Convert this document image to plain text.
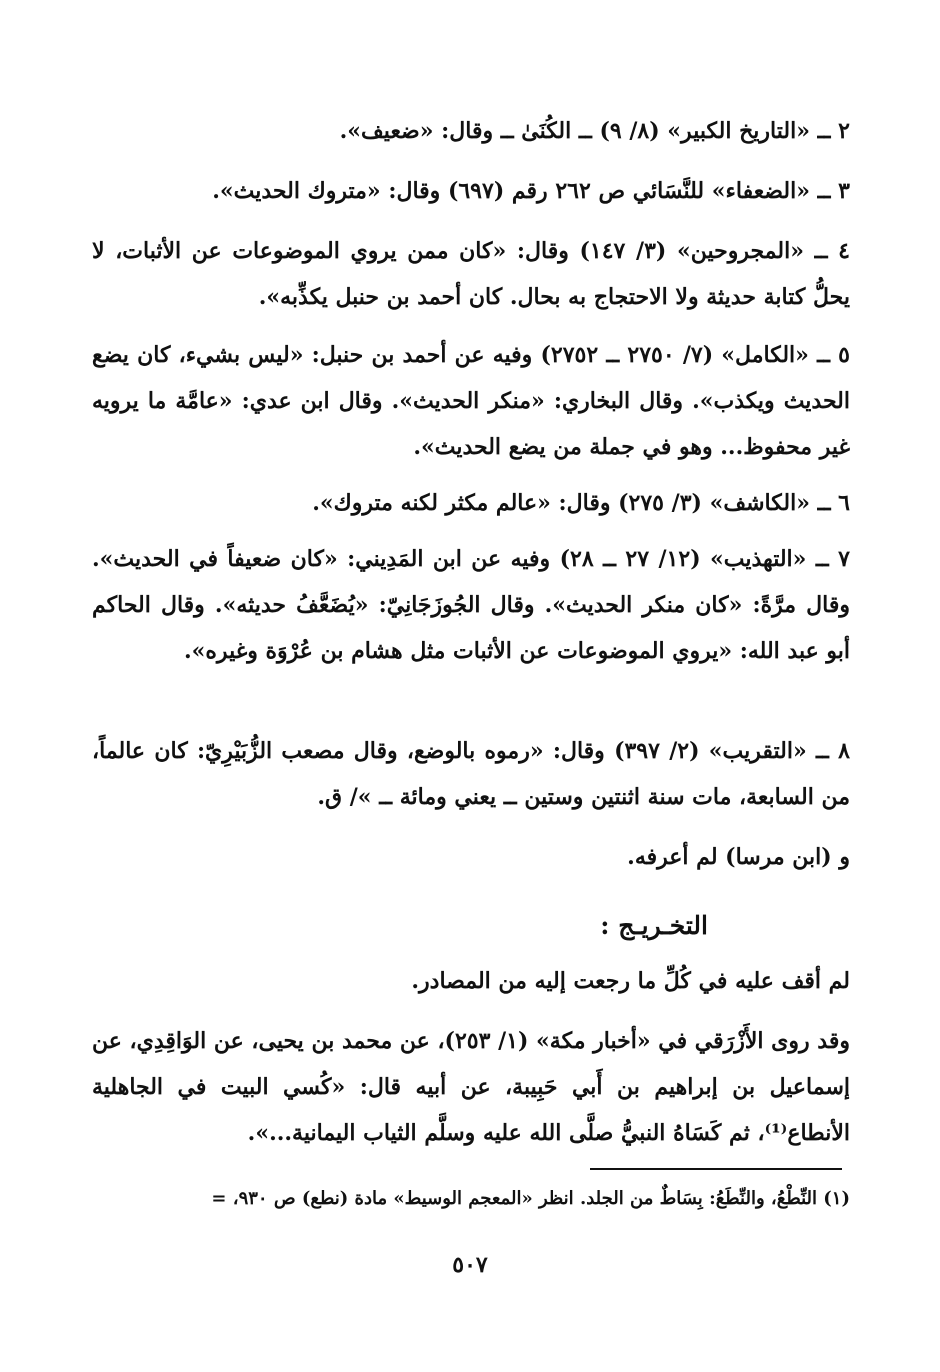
٢ ــ «التاريخ الكبير» (٨/ ٩) ــ الكُنَىٰ ــ وقال: «ضعيف».
٣ ــ «الضعفاء» للنَّسَائي ص ٢٦٢ رقم (٦٩٧) وقال: «متروك الحديث».
٤ ــ «المجروحين» (٣/ ١٤٧) وقال: «كان ممن يروي الموضوعات عن الأثبات، لا يحلُّ كتابة حديثة ولا الاحتجاج به بحال. كان أحمد بن حنبل يكذِّبه».
٥ ــ «الكامل» (٧/ ٢٧٥٠ ــ ٢٧٥٢) وفيه عن أحمد بن حنبل: «ليس بشيء، كان يضع الحديث ويكذب». وقال البخاري: «منكر الحديث». وقال ابن عدي: «عامَّة ما يرويه غير محفوظ... وهو في جملة من يضع الحديث».
٦ ــ «الكاشف» (٣/ ٢٧٥) وقال: «عالم مكثر لكنه متروك».
٧ ــ «التهذيب» (١٢/ ٢٧ ــ ٢٨) وفيه عن ابن المَدِيني: «كان ضعيفاً في الحديث». وقال مرَّةً: «كان منكر الحديث». وقال الجُوزَجَانِيّ: «يُضَعَّفُ حديثه». وقال الحاكم أبو عبد الله: «يروي الموضوعات عن الأثبات مثل هشام بن عُرْوَة وغيره».
٨ ــ «التقريب» (٢/ ٣٩٧) وقال: «رموه بالوضع، وقال مصعب الزُّبَيْرِيّ: كان عالماً، من السابعة، مات سنة اثنتين وستين ــ يعني ومائة ــ »/ ق.
و (ابن مرسا) لم أعرفه.
التخـريـج :
لم أقف عليه في كُلِّ ما رجعت إليه من المصادر.
وقد روى الأَزْرَقي في «أخبار مكة» (١/ ٢٥٣)، عن محمد بن يحيى، عن الوَاقِدِي، عن إسماعيل بن إبراهيم بن أَبي حَبِيبة، عن أبيه قال: «كُسي البيت في الجاهلية الأنطاع⁽¹⁾، ثم كَسَاهُ النبيُّ صلَّى الله عليه وسلَّم الثياب اليمانية...».
(١) النِّطْعُ، والنِّطَعُ: بِسَاطٌ من الجلد. انظر «المعجم الوسيط» مادة (نطع) ص ٩٣٠، =
٥٠٧
